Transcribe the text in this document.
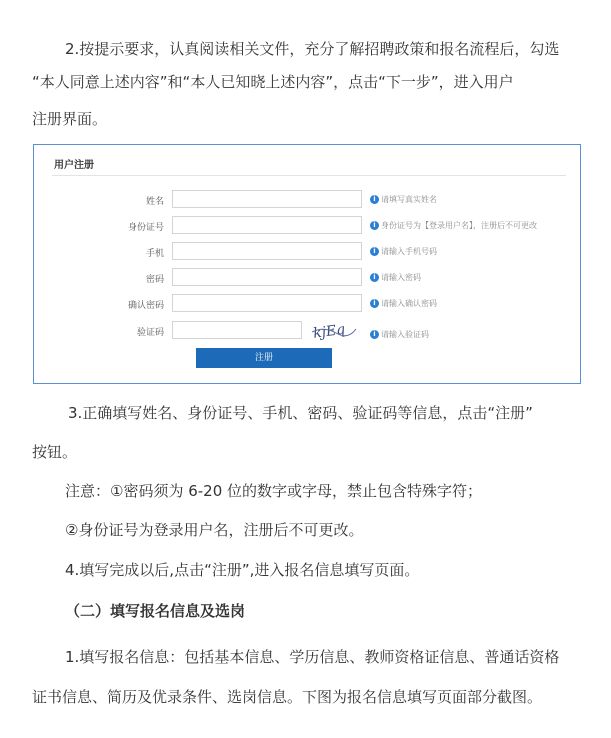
2.按提示要求，认真阅读相关文件，充分了解招聘政策和报名流程后，勾选

“本人同意上述内容”和“本人已知晓上述内容”，点击“下一步”，进入用户

注册界面。

用户注册
姓名	i 请填写真实姓名
身份证号	i 身份证号为【登录用户名】，注册后不可更改
手机	i 请输入手机号码
密码	i 请输入密码
确认密码	i 请输入确认密码
验证码	kjEq	i 请输入验证码
注册

3.正确填写姓名、身份证号、手机、密码、验证码等信息，点击“注册”

按钮。

注意：①密码须为 6-20 位的数字或字母，禁止包含特殊字符；

②身份证号为登录用户名，注册后不可更改。

4.填写完成以后,点击“注册”,进入报名信息填写页面。

（二）填写报名信息及选岗

1.填写报名信息：包括基本信息、学历信息、教师资格证信息、普通话资格

证书信息、简历及优录条件、选岗信息。下图为报名信息填写页面部分截图。
